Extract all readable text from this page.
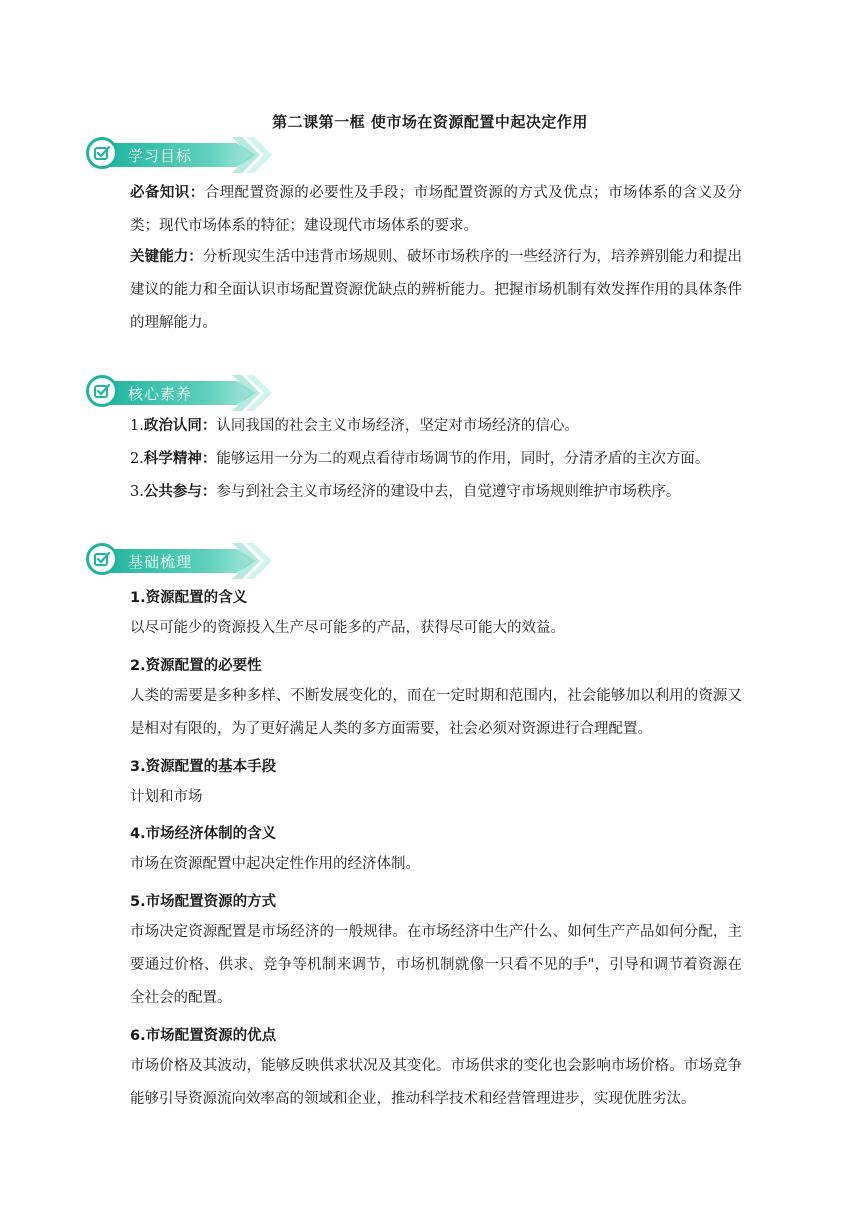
第二课第一框 使市场在资源配置中起决定作用
学习目标

必备知识：合理配置资源的必要性及手段；市场配置资源的方式及优点；市场体系的含义及分类；现代市场体系的特征；建设现代市场体系的要求。

关键能力：分析现实生活中违背市场规则、破坏市场秩序的一些经济行为，培养辨别能力和提出建议的能力和全面认识市场配置资源优缺点的辨析能力。把握市场机制有效发挥作用的具体条件的理解能力。

核心素养

1.政治认同：认同我国的社会主义市场经济，坚定对市场经济的信心。

2.科学精神：能够运用一分为二的观点看待市场调节的作用，同时，分清矛盾的主次方面。

3.公共参与：参与到社会主义市场经济的建设中去，自觉遵守市场规则维护市场秩序。

基础梳理
1.资源配置的含义

以尽可能少的资源投入生产尽可能多的产品，获得尽可能大的效益。

2.资源配置的必要性

人类的需要是多种多样、不断发展变化的，而在一定时期和范围内，社会能够加以利用的资源又是相对有限的，为了更好满足人类的多方面需要，社会必须对资源进行合理配置。

3.资源配置的基本手段

计划和市场

4.市场经济体制的含义

市场在资源配置中起决定性作用的经济体制。

5.市场配置资源的方式

市场决定资源配置是市场经济的一般规律。在市场经济中生产什么、如何生产产品如何分配，主要通过价格、供求、竞争等机制来调节，市场机制就像一只看不见的手"，引导和调节着资源在全社会的配置。

6.市场配置资源的优点

市场价格及其波动，能够反映供求状况及其变化。市场供求的变化也会影响市场价格。市场竞争能够引导资源流向效率高的领域和企业，推动科学技术和经营管理进步，实现优胜劣汰。
